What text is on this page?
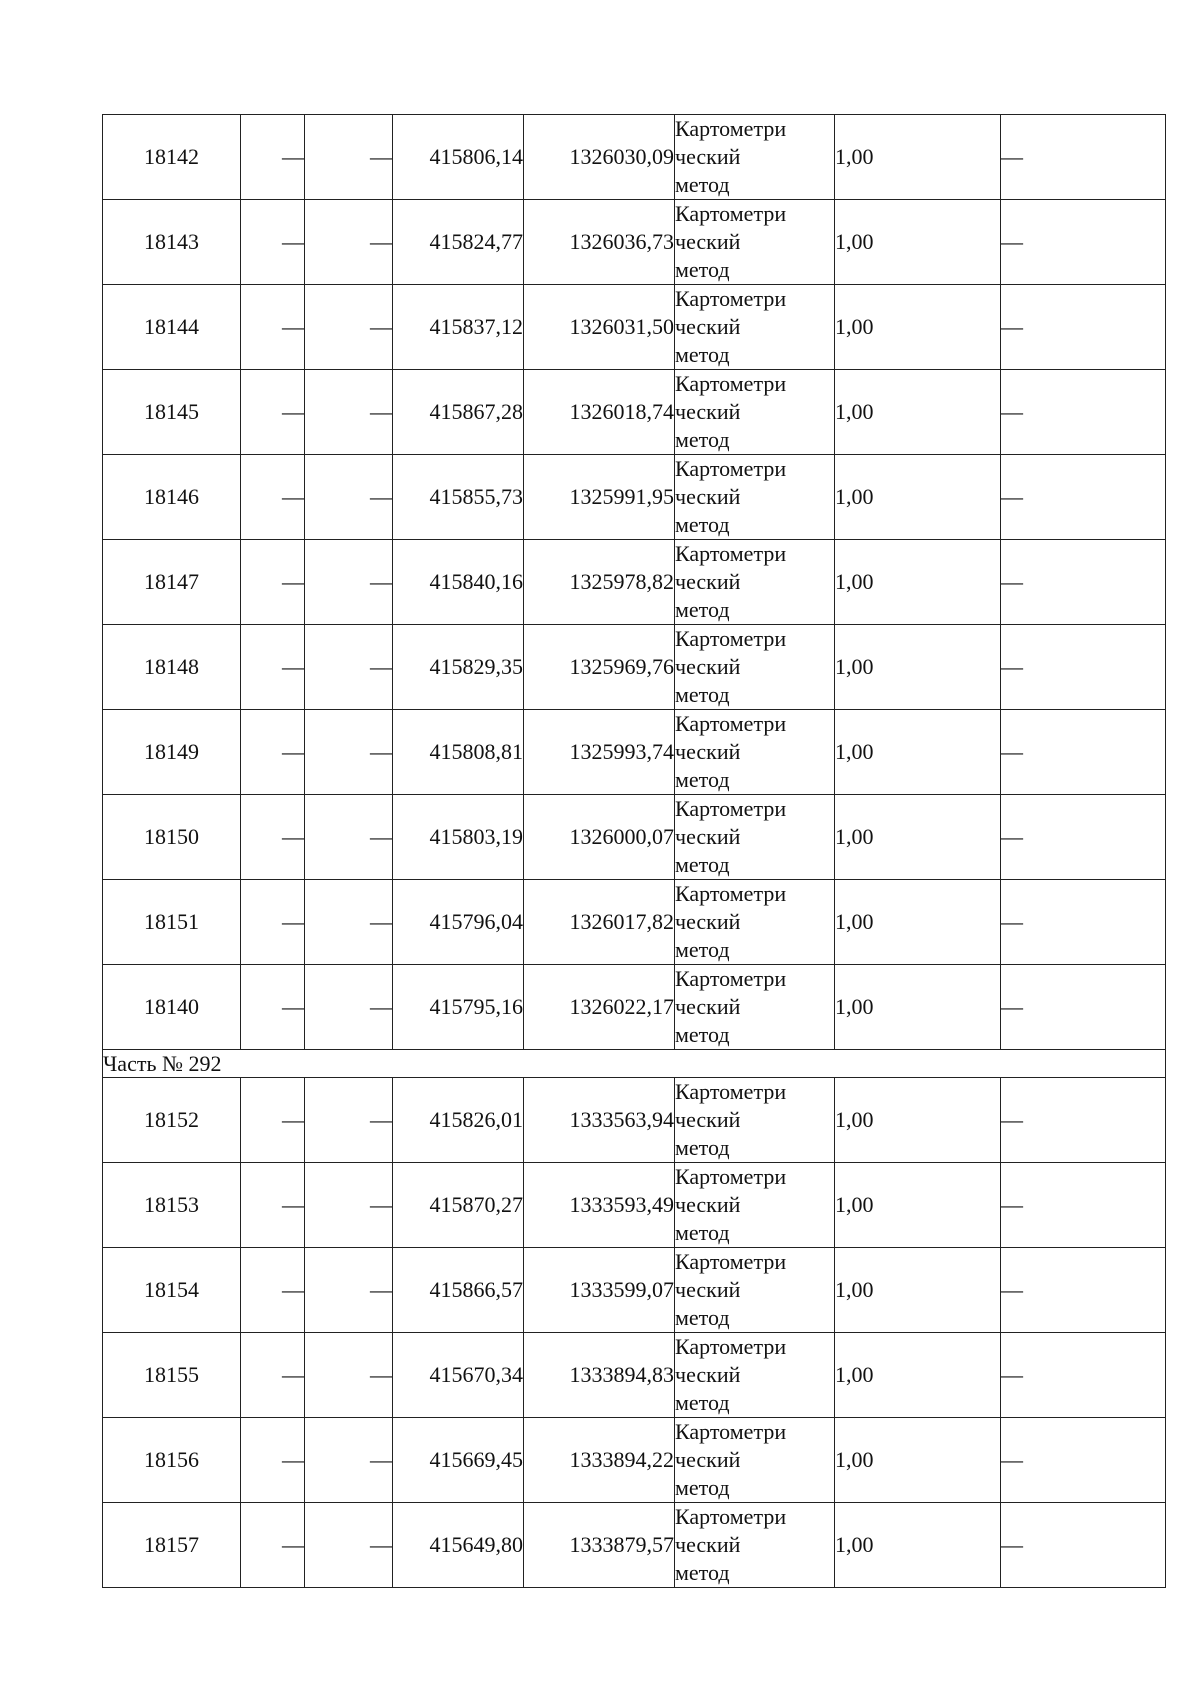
18142	—	—	415806,14	1326030,09	Картометри
ческий
метод	1,00	—
18143	—	—	415824,77	1326036,73	Картометри
ческий
метод	1,00	—
18144	—	—	415837,12	1326031,50	Картометри
ческий
метод	1,00	—
18145	—	—	415867,28	1326018,74	Картометри
ческий
метод	1,00	—
18146	—	—	415855,73	1325991,95	Картометри
ческий
метод	1,00	—
18147	—	—	415840,16	1325978,82	Картометри
ческий
метод	1,00	—
18148	—	—	415829,35	1325969,76	Картометри
ческий
метод	1,00	—
18149	—	—	415808,81	1325993,74	Картометри
ческий
метод	1,00	—
18150	—	—	415803,19	1326000,07	Картометри
ческий
метод	1,00	—
18151	—	—	415796,04	1326017,82	Картометри
ческий
метод	1,00	—
18140	—	—	415795,16	1326022,17	Картометри
ческий
метод	1,00	—
Часть № 292							
18152	—	—	415826,01	1333563,94	Картометри
ческий
метод	1,00	—
18153	—	—	415870,27	1333593,49	Картометри
ческий
метод	1,00	—
18154	—	—	415866,57	1333599,07	Картометри
ческий
метод	1,00	—
18155	—	—	415670,34	1333894,83	Картометри
ческий
метод	1,00	—
18156	—	—	415669,45	1333894,22	Картометри
ческий
метод	1,00	—
18157	—	—	415649,80	1333879,57	Картометри
ческий
метод	1,00	—
